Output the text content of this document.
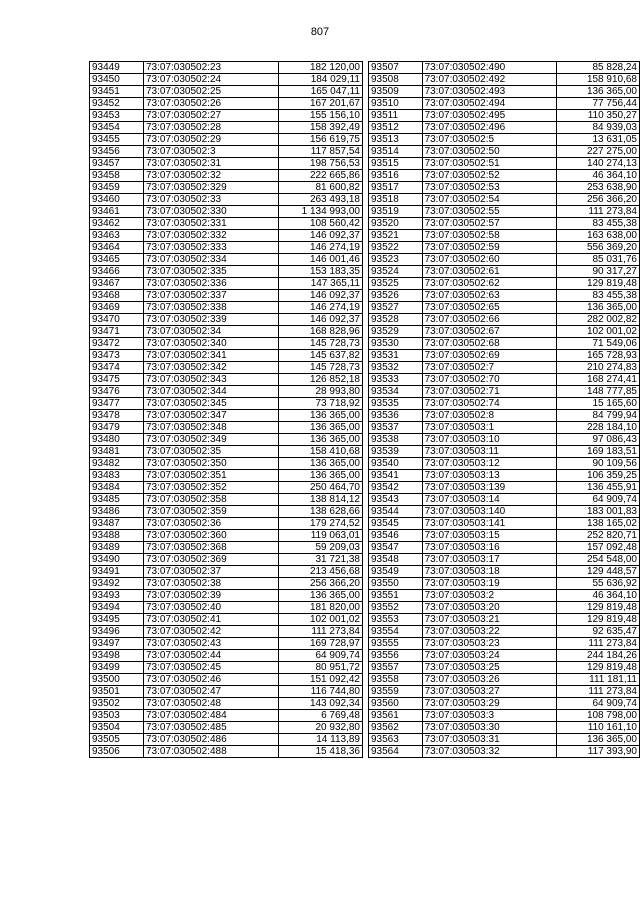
807
93449	73:07:030502:23	182 120,00
93450	73:07:030502:24	184 029,11
93451	73:07:030502:25	165 047,11
93452	73:07:030502:26	167 201,67
93453	73:07:030502:27	155 156,10
93454	73:07:030502:28	158 392,49
93455	73:07:030502:29	156 619,75
93456	73:07:030502:3	117 857,54
93457	73:07:030502:31	198 756,53
93458	73:07:030502:32	222 665,86
93459	73:07:030502:329	81 600,82
93460	73:07:030502:33	263 493,18
93461	73:07:030502:330	1 134 993,00
93462	73:07:030502:331	108 560,42
93463	73:07:030502:332	146 092,37
93464	73:07:030502:333	146 274,19
93465	73:07:030502:334	146 001,46
93466	73:07:030502:335	153 183,35
93467	73:07:030502:336	147 365,11
93468	73:07:030502:337	146 092,37
93469	73:07:030502:338	146 274,19
93470	73:07:030502:339	146 092,37
93471	73:07:030502:34	168 828,96
93472	73:07:030502:340	145 728,73
93473	73:07:030502:341	145 637,82
93474	73:07:030502:342	145 728,73
93475	73:07:030502:343	126 852,18
93476	73:07:030502:344	28 993,80
93477	73:07:030502:345	73 718,92
93478	73:07:030502:347	136 365,00
93479	73:07:030502:348	136 365,00
93480	73:07:030502:349	136 365,00
93481	73:07:030502:35	158 410,68
93482	73:07:030502:350	136 365,00
93483	73:07:030502:351	136 365,00
93484	73:07:030502:352	250 464,70
93485	73:07:030502:358	138 814,12
93486	73:07:030502:359	138 628,66
93487	73:07:030502:36	179 274,52
93488	73:07:030502:360	119 063,01
93489	73:07:030502:368	59 209,03
93490	73:07:030502:369	31 721,38
93491	73:07:030502:37	213 456,68
93492	73:07:030502:38	256 366,20
93493	73:07:030502:39	136 365,00
93494	73:07:030502:40	181 820,00
93495	73:07:030502:41	102 001,02
93496	73:07:030502:42	111 273,84
93497	73:07:030502:43	169 728,97
93498	73:07:030502:44	64 909,74
93499	73:07:030502:45	80 951,72
93500	73:07:030502:46	151 092,42
93501	73:07:030502:47	116 744,80
93502	73:07:030502:48	143 092,34
93503	73:07:030502:484	6 769,48
93504	73:07:030502:485	20 932,80
93505	73:07:030502:486	14 113,89
93506	73:07:030502:488	15 418,36
93507	73:07:030502:490	85 828,24
93508	73:07:030502:492	158 910,68
93509	73:07:030502:493	136 365,00
93510	73:07:030502:494	77 756,44
93511	73:07:030502:495	110 350,27
93512	73:07:030502:496	84 939,03
93513	73:07:030502:5	13 631,05
93514	73:07:030502:50	227 275,00
93515	73:07:030502:51	140 274,13
93516	73:07:030502:52	46 364,10
93517	73:07:030502:53	253 638,90
93518	73:07:030502:54	256 366,20
93519	73:07:030502:55	111 273,84
93520	73:07:030502:57	83 455,38
93521	73:07:030502:58	163 638,00
93522	73:07:030502:59	556 369,20
93523	73:07:030502:60	85 031,76
93524	73:07:030502:61	90 317,27
93525	73:07:030502:62	129 819,48
93526	73:07:030502:63	83 455,38
93527	73:07:030502:65	136 365,00
93528	73:07:030502:66	282 002,82
93529	73:07:030502:67	102 001,02
93530	73:07:030502:68	71 549,06
93531	73:07:030502:69	165 728,93
93532	73:07:030502:7	210 274,83
93533	73:07:030502:70	168 274,41
93534	73:07:030502:71	148 777,85
93535	73:07:030502:74	15 165,60
93536	73:07:030502:8	84 799,94
93537	73:07:030503:1	228 184,10
93538	73:07:030503:10	97 086,43
93539	73:07:030503:11	169 183,51
93540	73:07:030503:12	90 109,56
93541	73:07:030503:13	106 359,25
93542	73:07:030503:139	136 455,91
93543	73:07:030503:14	64 909,74
93544	73:07:030503:140	183 001,83
93545	73:07:030503:141	138 165,02
93546	73:07:030503:15	252 820,71
93547	73:07:030503:16	157 092,48
93548	73:07:030503:17	254 548,00
93549	73:07:030503:18	129 448,57
93550	73:07:030503:19	55 636,92
93551	73:07:030503:2	46 364,10
93552	73:07:030503:20	129 819,48
93553	73:07:030503:21	129 819,48
93554	73:07:030503:22	92 635,47
93555	73:07:030503:23	111 273,84
93556	73:07:030503:24	244 184,26
93557	73:07:030503:25	129 819,48
93558	73:07:030503:26	111 181,11
93559	73:07:030503:27	111 273,84
93560	73:07:030503:29	64 909,74
93561	73:07:030503:3	108 798,00
93562	73:07:030503:30	110 161,10
93563	73:07:030503:31	136 365,00
93564	73:07:030503:32	117 393,90
